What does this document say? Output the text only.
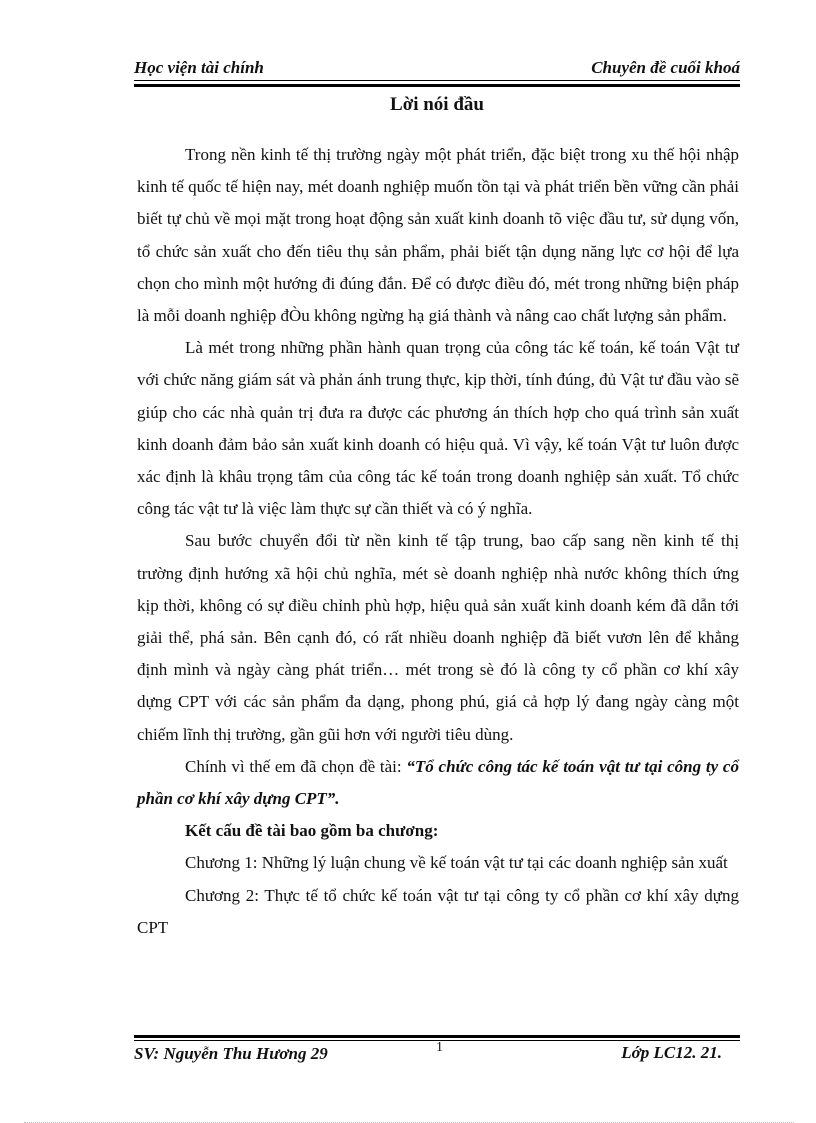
Học viện tài chính	Chuyên đề cuối khoá
Lời nói đầu

Trong nền kinh tế thị trường ngày một phát triển, đặc biệt trong xu thế hội nhập kinh tế quốc tế hiện nay, mét doanh nghiệp muốn tồn tại và phát triển bền vững cần phải biết tự chủ về mọi mặt trong hoạt động sản xuất kinh doanh tõ việc đầu tư, sử dụng vốn, tổ chức sản xuất cho đến tiêu thụ sản phẩm, phải biết tận dụng năng lực cơ hội để lựa chọn cho mình một hướng đi đúng đắn. Để có được điều đó, mét trong những biện pháp là mỗi doanh nghiệp đÒu không ngừng hạ giá thành và nâng cao chất lượng sản phẩm.

Là mét trong những phần hành quan trọng của công tác kế toán, kế toán Vật tư với chức năng giám sát và phản ánh trung thực, kịp thời, tính đúng, đủ Vật tư đầu vào sẽ giúp cho các nhà quản trị đưa ra được các phương án thích hợp cho quá trình sản xuất kinh doanh đảm bảo sản xuất kinh doanh có hiệu quả. Vì vậy, kế toán Vật tư luôn được xác định là khâu trọng tâm của công tác kế toán trong doanh nghiệp sản xuất. Tổ chức công tác vật tư là việc làm thực sự cần thiết và có ý nghĩa.

Sau bước chuyển đổi từ nền kinh tế tập trung, bao cấp sang nền kinh tế thị trường định hướng xã hội chủ nghĩa, mét sè doanh nghiệp nhà nước không thích ứng kịp thời, không có sự điều chỉnh phù hợp, hiệu quả sản xuất kinh doanh kém đã dẫn tới giải thể, phá sản. Bên cạnh đó, có rất nhiều doanh nghiệp đã biết vươn lên để khẳng định mình và ngày càng phát triển… mét trong sè đó là công ty cổ phần cơ khí xây dựng CPT với các sản phẩm đa dạng, phong phú, giá cả hợp lý đang ngày càng một chiếm lĩnh thị trường, gần gũi hơn với người tiêu dùng.

Chính vì thế em đã chọn đề tài: “Tổ chức công tác kế toán vật tư tại công ty cổ phần cơ khí xây dựng CPT”.

Kết cấu đề tài bao gồm ba chương:

Chương 1: Những lý luận chung về kế toán vật tư tại các doanh nghiệp sản xuất

Chương 2: Thực tế tổ chức kế toán vật tư tại công ty cổ phần cơ khí xây dựng CPT

SV: Nguyễn Thu Hương 29	1	Lớp LC12. 21.
